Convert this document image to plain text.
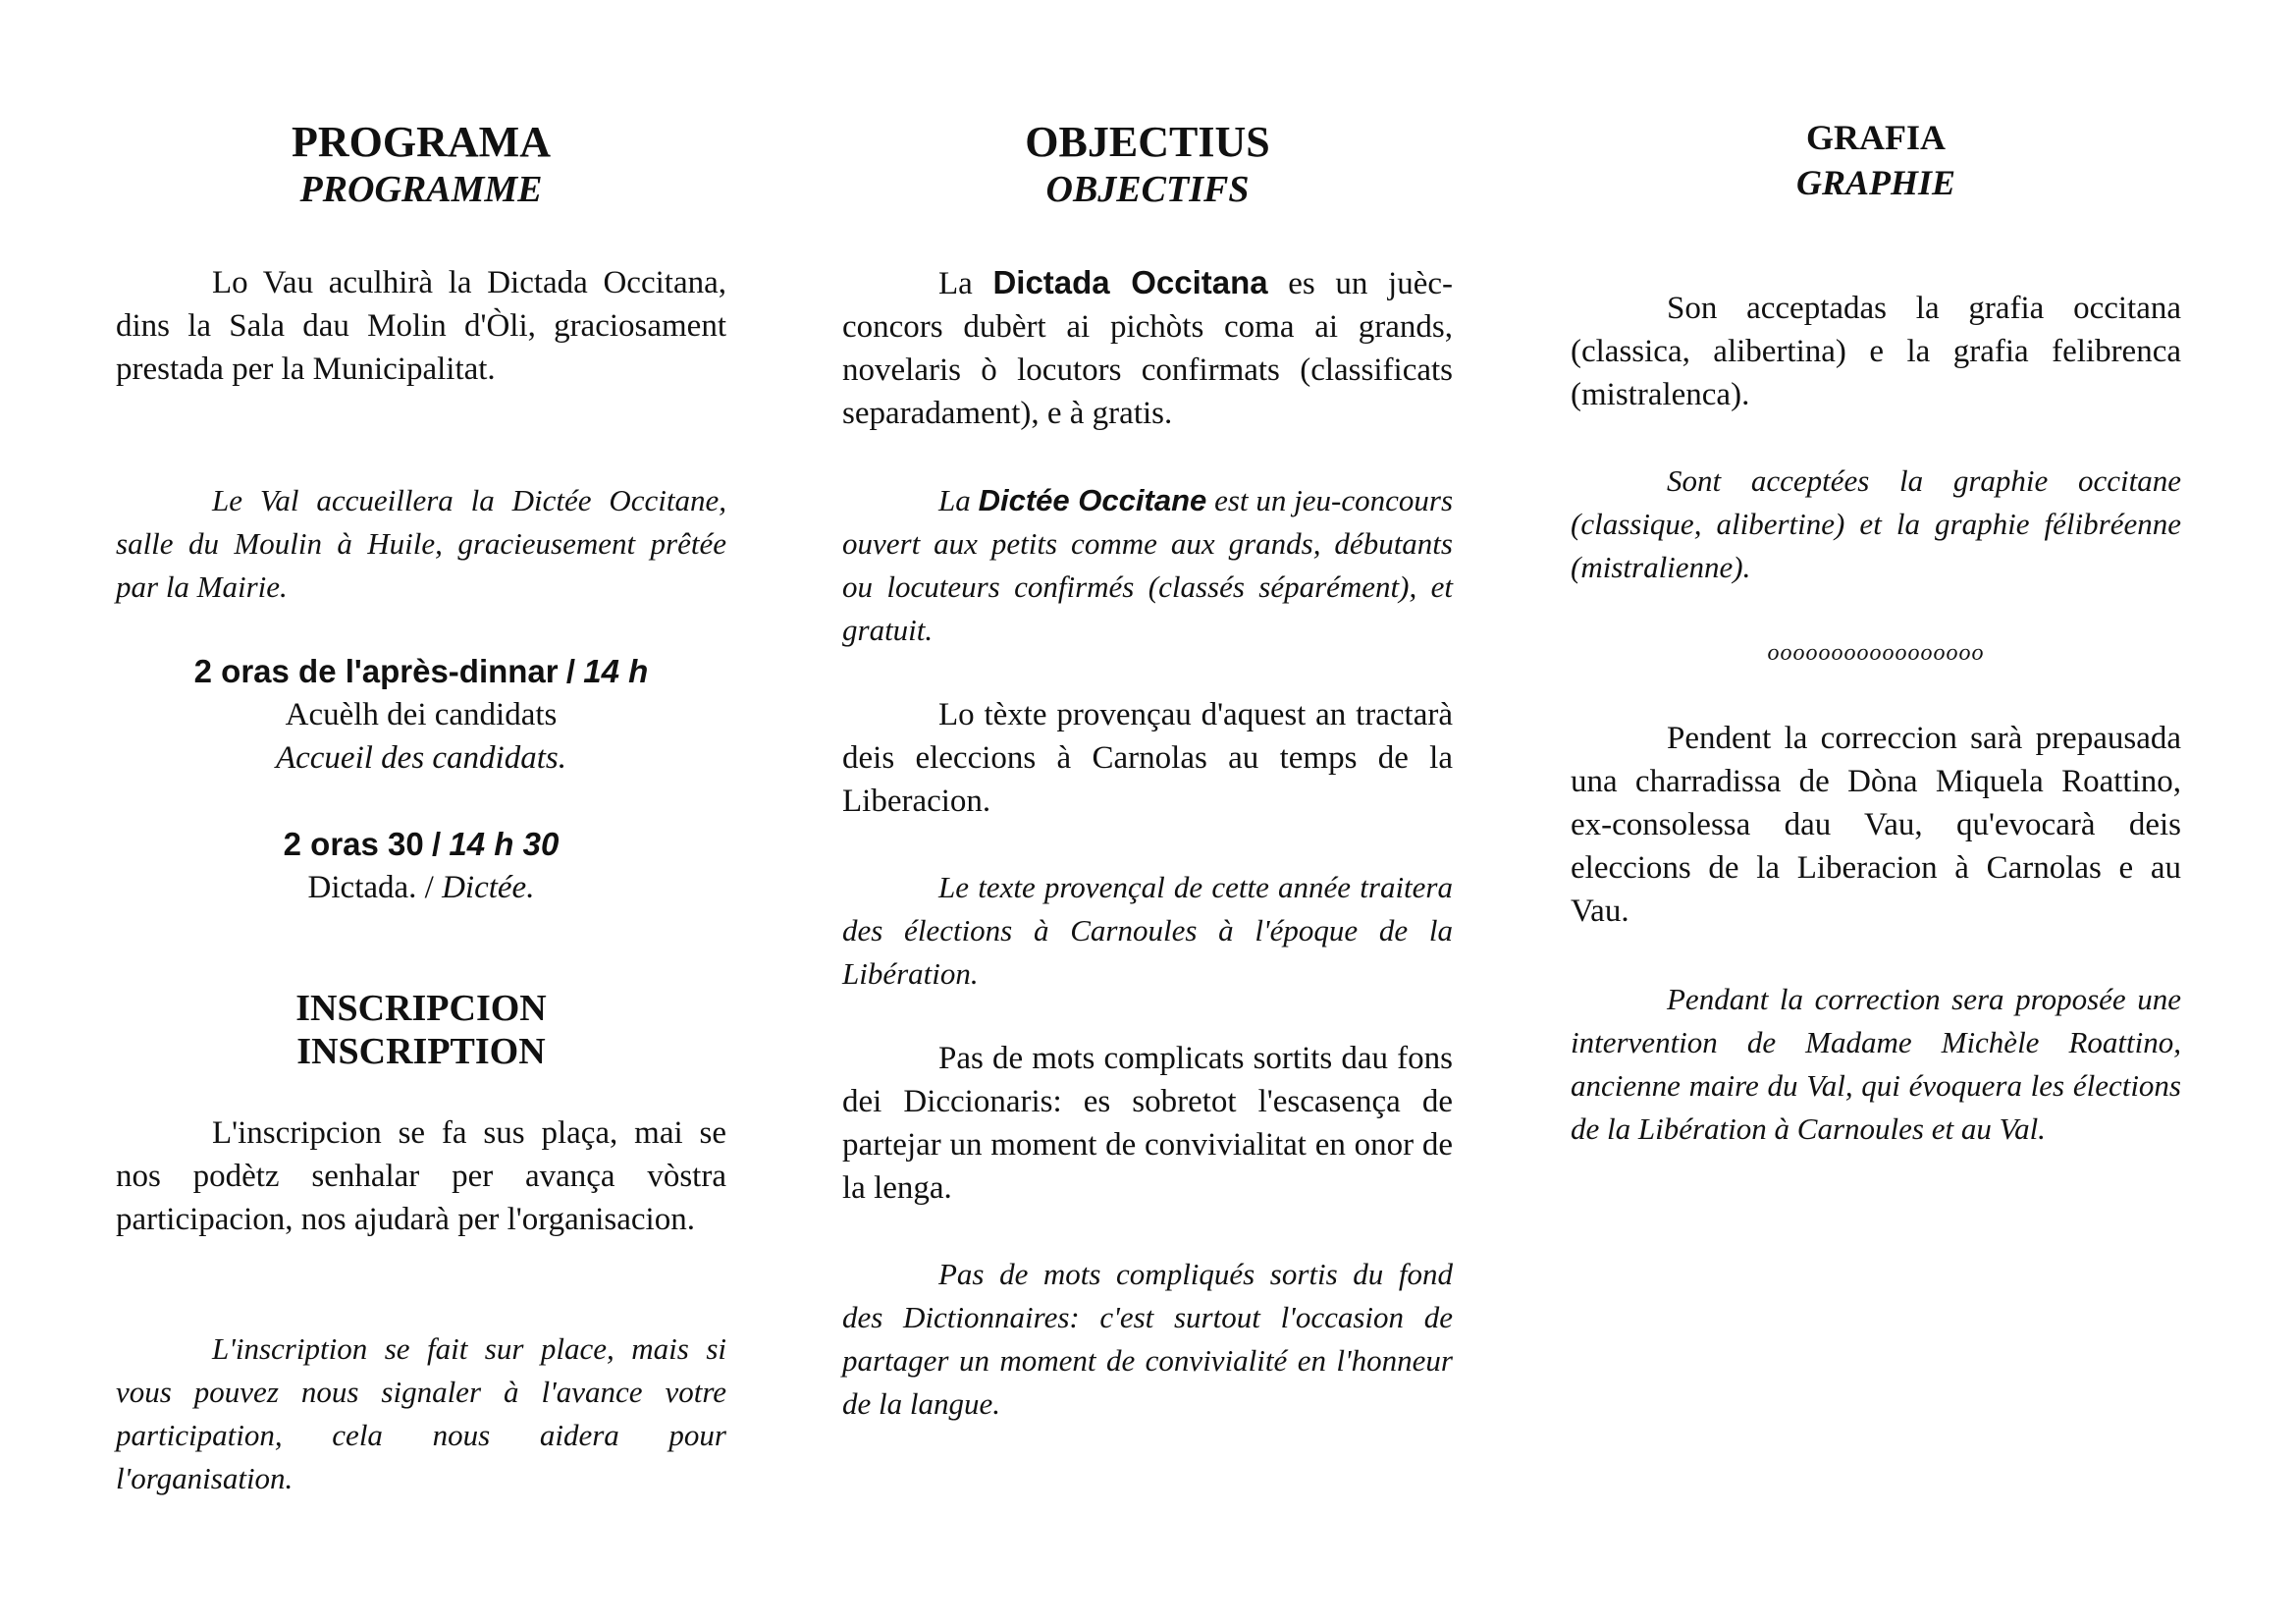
PROGRAMA
PROGRAMME

Lo Vau aculhirà la Dictada Occitana, dins la Sala dau Molin d'Òli, graciosament prestada per la Municipalitat.

Le Val accueillera la Dictée Occitane, salle du Moulin à Huile, gracieusement prêtée par la Mairie.

2 oras de l'après-dinnar / 14 h
Acuèlh dei candidats
Accueil des candidats.
2 oras 30 / 14 h 30
Dictada. / Dictée.
INSCRIPCION
INSCRIPTION

L'inscripcion se fa sus plaça, mai se nos podètz senhalar per avança vòstra participacion, nos ajudarà per l'organisacion.

L'inscription se fait sur place, mais si vous pouvez nous signaler à l'avance votre participation, cela nous aidera pour l'organisation.

OBJECTIUS
OBJECTIFS

La Dictada Occitana es un juèc-concors dubèrt ai pichòts coma ai grands, novelaris ò locutors confirmats (classificats separadament), e à gratis.

La Dictée Occitane est un jeu-concours ouvert aux petits comme aux grands, débutants ou locuteurs confirmés (classés séparément), et gratuit.

Lo tèxte provençau d'aquest an tractarà deis eleccions à Carnolas au temps de la Liberacion.

Le texte provençal de cette année traitera des élections à Carnoules à l'époque de la Libération.

Pas de mots complicats sortits dau fons dei Diccionaris: es sobretot l'escasença de partejar un moment de convivialitat en onor de la lenga.

Pas de mots compliqués sortis du fond des Dictionnaires: c'est surtout l'occasion de partager un moment de convivialité en l'honneur de la langue.

GRAFIA
GRAPHIE

Son acceptadas la grafia occitana (classica, alibertina) e la grafia felibrenca (mistralenca).

Sont acceptées la graphie occitane (classique, alibertine) et la graphie félibréenne (mistralienne).

ooooooooooooooooo

Pendent la correccion sarà prepausada una charradissa de Dòna Miquela Roattino, ex-consolessa dau Vau, qu'evocarà deis eleccions de la Liberacion à Carnolas e au Vau.

Pendant la correction sera proposée une intervention de Madame Michèle Roattino, ancienne maire du Val, qui évoquera les élections de la Libération à Carnoules et au Val.
